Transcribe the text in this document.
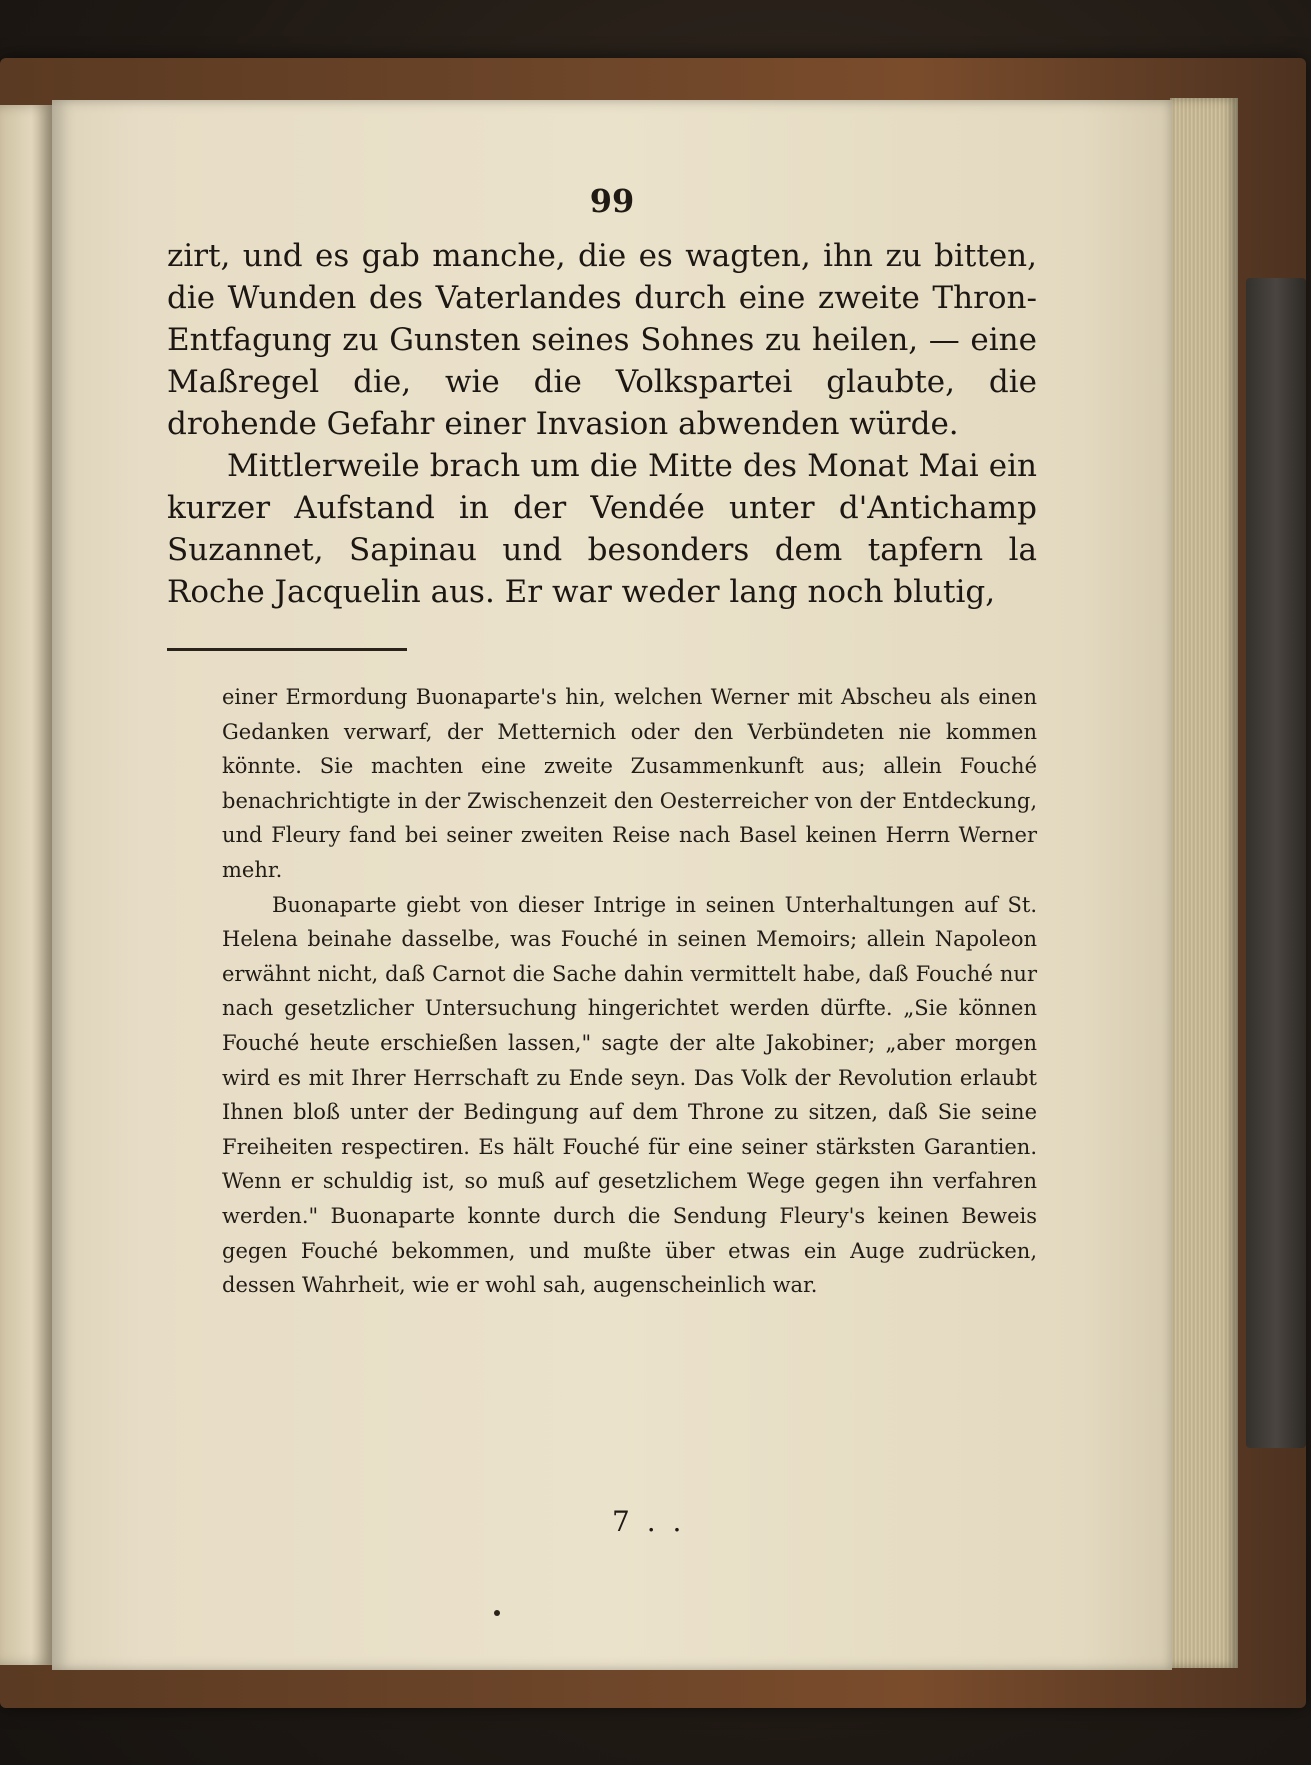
99

zirt, und es gab manche, die es wagten, ihn zu bitten, die Wunden des Vaterlandes durch eine zweite Thron-Entfagung zu Gunsten seines Sohnes zu heilen, — eine Maßregel die, wie die Volkspartei glaubte, die drohende Gefahr einer Invasion abwenden würde.

Mittlerweile brach um die Mitte des Monat Mai ein kurzer Aufstand in der Vendée unter d'Antichamp Suzannet, Sapinau und besonders dem tapfern la Roche Jacquelin aus. Er war weder lang noch blutig,

einer Ermordung Buonaparte's hin, welchen Werner mit Abscheu als einen Gedanken verwarf, der Metternich oder den Verbündeten nie kommen könnte. Sie machten eine zweite Zusammenkunft aus; allein Fouché benachrichtigte in der Zwischenzeit den Oesterreicher von der Entdeckung, und Fleury fand bei seiner zweiten Reise nach Basel keinen Herrn Werner mehr.

Buonaparte giebt von dieser Intrige in seinen Unterhaltungen auf St. Helena beinahe dasselbe, was Fouché in seinen Memoirs; allein Napoleon erwähnt nicht, daß Carnot die Sache dahin vermittelt habe, daß Fouché nur nach gesetzlicher Untersuchung hingerichtet werden dürfte. „Sie können Fouché heute erschießen lassen," sagte der alte Jakobiner; „aber morgen wird es mit Ihrer Herrschaft zu Ende seyn. Das Volk der Revolution erlaubt Ihnen bloß unter der Bedingung auf dem Throne zu sitzen, daß Sie seine Freiheiten respectiren. Es hält Fouché für eine seiner stärksten Garantien. Wenn er schuldig ist, so muß auf gesetzlichem Wege gegen ihn verfahren werden." Buonaparte konnte durch die Sendung Fleury's keinen Beweis gegen Fouché bekommen, und mußte über etwas ein Auge zudrücken, dessen Wahrheit, wie er wohl sah, augenscheinlich war.

7 . .
